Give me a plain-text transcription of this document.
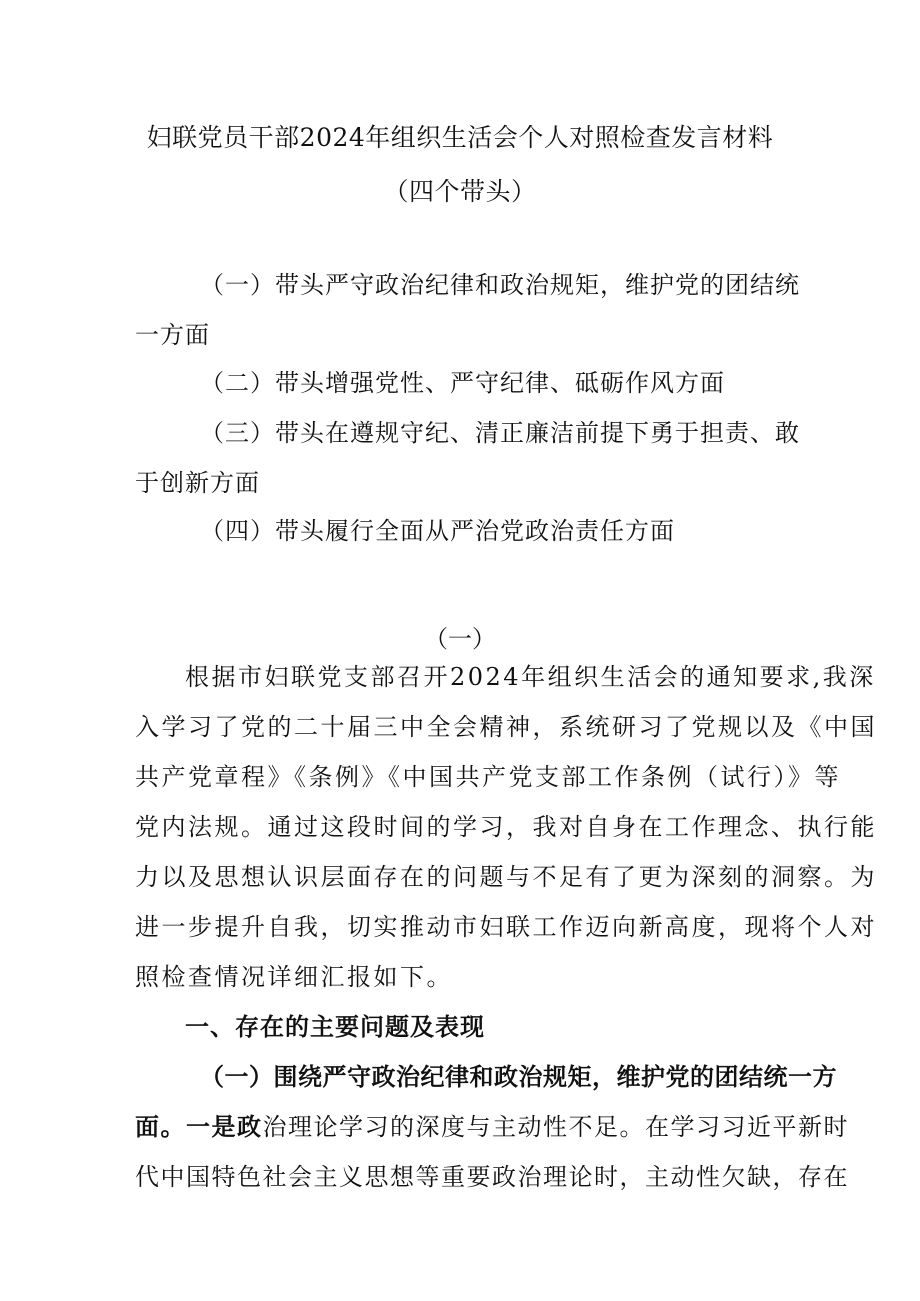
妇联党员干部2024年组织生活会个人对照检查发言材料
（四个带头）
（一）带头严守政治纪律和政治规矩，维护党的团结统
一方面
（二）带头增强党性、严守纪律、砥砺作风方面
（三）带头在遵规守纪、清正廉洁前提下勇于担责、敢
于创新方面
（四）带头履行全面从严治党政治责任方面
（一）
根据市妇联党支部召开2024年组织生活会的通知要求,我深
入学习了党的二十届三中全会精神，系统研习了党规以及《中国
共产党章程》《条例》《中国共产党支部工作条例（试行）》等
党内法规。通过这段时间的学习，我对自身在工作理念、执行能
力以及思想认识层面存在的问题与不足有了更为深刻的洞察。为
进一步提升自我，切实推动市妇联工作迈向新高度，现将个人对
照检查情况详细汇报如下。
一、存在的主要问题及表现
（一）围绕严守政治纪律和政治规矩，维护党的团结统一方
面。一是政治理论学习的深度与主动性不足。在学习习近平新时
代中国特色社会主义思想等重要政治理论时，主动性欠缺，存在
